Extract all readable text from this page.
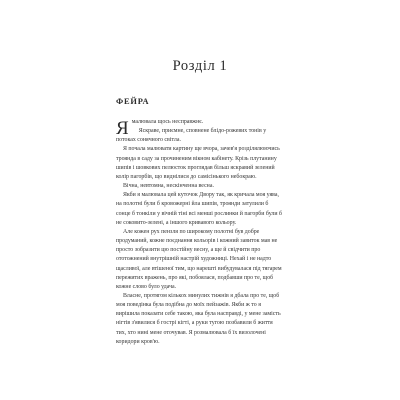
Розділ 1
ФЕЙРА

Я малювала щось несправжнє.

Яскраве, приємне, сповнене блідо-рожевих тонів у потоках сонячного світла.

Я почала малювати картину ще вчора, зачев'я розділялюючись троянда в саду за прочиненим вікном кабінету. Крізь плутанину шипів і шовкових пелюсток проглядав більш яскравий зелений колір пагорбів, що виднілися до самісінького небокраю.

Вічна, невтомна, нескінченна весна.

Якби я малювала цей куточок Двору так, як кричала моя уява, на полотні були б кровожерні йла шипів, троянди затулили б сонце б тонкіли у вічній тіні всі менші рослинки й пагорби були б не соковито-зелені, а іншого кривавого кольору.

Але кожен рух пензля по широкому полотні був добре продуманий, кожне поєднання кольорів і кожний завиток мав не просто зобразити цю постійну весну, а ще й свідчити про ототожнений внутрішній настрій художниці. Нехай і не надто щасливої, але втішеної тим, що нарешті вибудувалася під тягарем пережитих вражень, про які, побоялася, подбавши про те, щоб кожне слово було удача.

Власне, протягом кількох минулих тижнів я дбала про те, щоб моя поведінка була подібна до моїх пейзажів. Якби ж то я вирішила показати себе такою, яка була насправді, у мене замість нігтів з'явилися б гострі кігті, а руки тугою позбавили б життя тих, хто нині мене оточував. Я розмалювала б їх визолочені коридори кров'ю.
